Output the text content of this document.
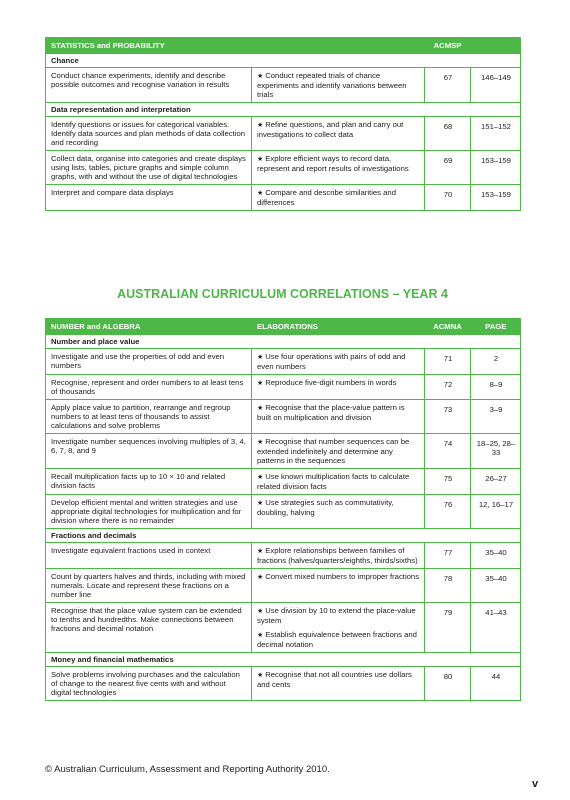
STATISTICS and PROBABILITY		ACMSP	
Chance			

Conduct chance experiments, identify and describe possible outcomes and recognise variation in results	★ Conduct repeated trials of chance experiments and identify variations between trials	67	146–149
Data representation and interpretation			

Identify questions or issues for categorical variables. Identify data sources and plan methods of data collection and recording	★ Refine questions, and plan and carry out investigations to collect data	68	151–152

Collect data, organise into categories and create displays using lists, tables, picture graphs and simple column graphs, with and without the use of digital technologies	★ Explore efficient ways to record data, represent and report results of investigations	69	153–159

Interpret and compare data displays	★ Compare and describe similarities and differences	70	153–159
AUSTRALIAN CURRICULUM CORRELATIONS – YEAR 4
NUMBER and ALGEBRA	ELABORATIONS	ACMNA	PAGE
Number and place value			

Investigate and use the properties of odd and even numbers	★ Use four operations with pairs of odd and even numbers	71	2

Recognise, represent and order numbers to at least tens of thousands	★ Reproduce five-digit numbers in words	72	8–9

Apply place value to partition, rearrange and regroup numbers to at least tens of thousands to assist calculations and solve problems	★ Recognise that the place-value pattern is built on multiplication and division	73	3–9

Investigate number sequences involving multiples of 3, 4, 6, 7, 8, and 9	★ Recognise that number sequences can be extended indefinitely and determine any patterns in the sequences	74	18–25, 28–33

Recall multiplication facts up to 10 × 10 and related division facts	★ Use known multiplication facts to calculate related division facts	75	26–27

Develop efficient mental and written strategies and use appropriate digital technologies for multiplication and for division where there is no remainder	★ Use strategies such as commutativity, doubling, halving	76	12, 16–17
Fractions and decimals			

Investigate equivalent fractions used in context	★ Explore relationships between families of fractions (halves/quarters/eighths, thirds/sixths)	77	35–40

Count by quarters halves and thirds, including with mixed numerals. Locate and represent these fractions on a number line	★ Convert mixed numbers to improper fractions	78	35–40

Recognise that the place value system can be extended to tenths and hundredths. Make connections between fractions and decimal notation	★ Use division by 10 to extend the place-value system
★ Establish equivalence between fractions and decimal notation	79	41–43
Money and financial mathematics			

Solve problems involving purchases and the calculation of change to the nearest five cents with and without digital technologies	★ Recognise that not all countries use dollars and cents	80	44
© Australian Curriculum, Assessment and Reporting Authority 2010.
v
